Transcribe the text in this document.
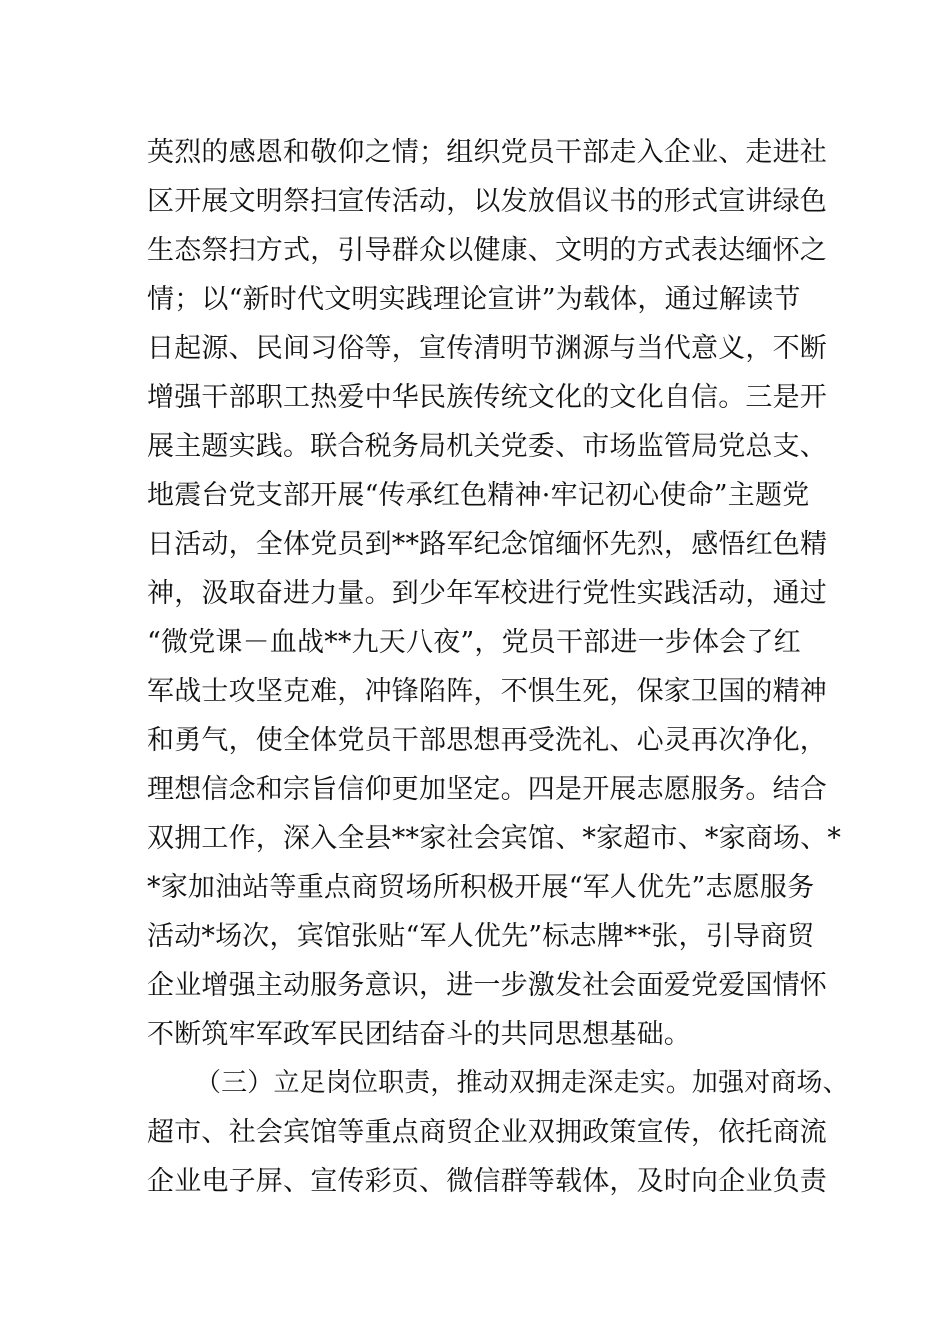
英烈的感恩和敬仰之情；组织党员干部走入企业、走进社
区开展文明祭扫宣传活动，以发放倡议书的形式宣讲绿色
生态祭扫方式，引导群众以健康、文明的方式表达缅怀之
情；以“新时代文明实践理论宣讲”为载体，通过解读节
日起源、民间习俗等，宣传清明节渊源与当代意义，不断
增强干部职工热爱中华民族传统文化的文化自信。三是开
展主题实践。联合税务局机关党委、市场监管局党总支、
地震台党支部开展“传承红色精神·牢记初心使命”主题党
日活动，全体党员到**路军纪念馆缅怀先烈，感悟红色精
神，汲取奋进力量。到少年军校进行党性实践活动，通过
“微党课－血战**九天八夜”，党员干部进一步体会了红
军战士攻坚克难，冲锋陷阵，不惧生死，保家卫国的精神
和勇气，使全体党员干部思想再受洗礼、心灵再次净化，
理想信念和宗旨信仰更加坚定。四是开展志愿服务。结合
双拥工作，深入全县**家社会宾馆、*家超市、*家商场、*
*家加油站等重点商贸场所积极开展“军人优先”志愿服务
活动*场次，宾馆张贴“军人优先”标志牌**张，引导商贸
企业增强主动服务意识，进一步激发社会面爱党爱国情怀
不断筑牢军政军民团结奋斗的共同思想基础。
（三）立足岗位职责，推动双拥走深走实。加强对商场、
超市、社会宾馆等重点商贸企业双拥政策宣传，依托商流
企业电子屏、宣传彩页、微信群等载体，及时向企业负责
